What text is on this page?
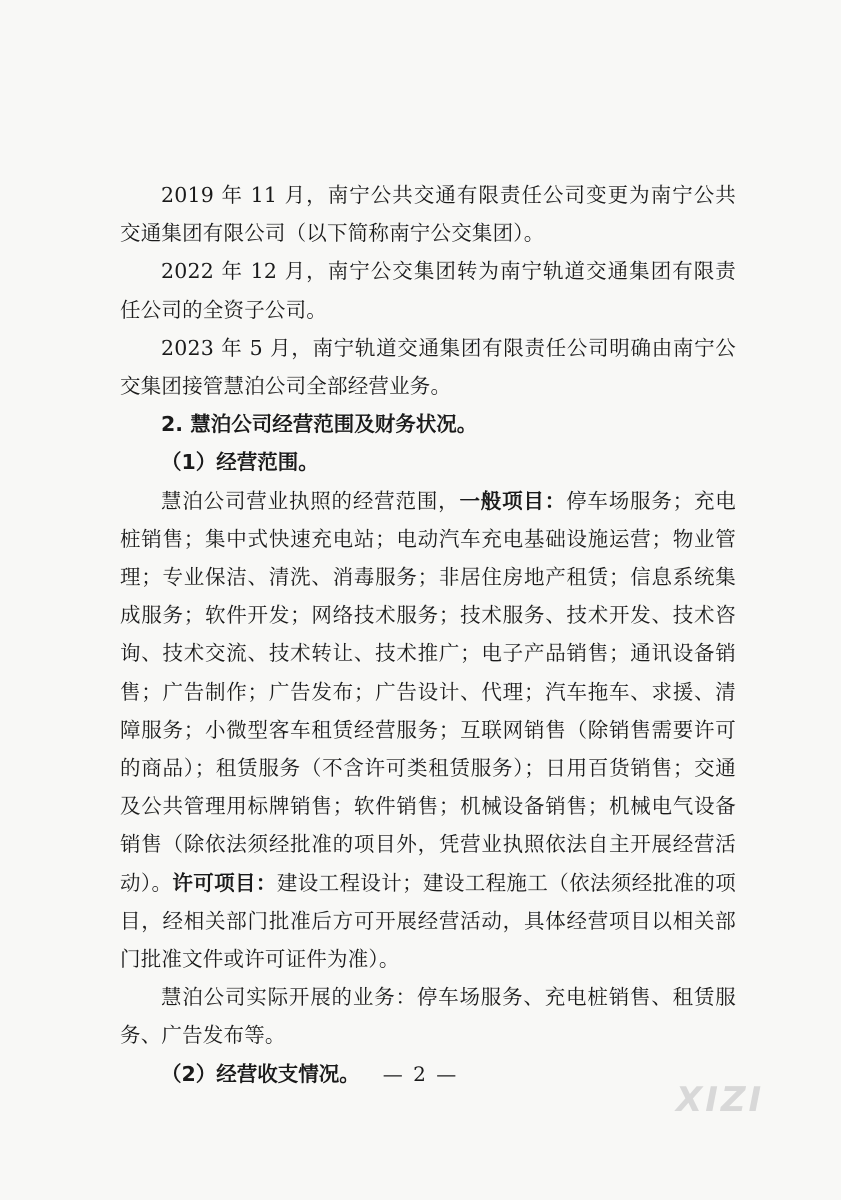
2019 年 11 月，南宁公共交通有限责任公司变更为南宁公共交通集团有限公司（以下简称南宁公交集团）。

2022 年 12 月，南宁公交集团转为南宁轨道交通集团有限责任公司的全资子公司。

2023 年 5 月，南宁轨道交通集团有限责任公司明确由南宁公交集团接管慧泊公司全部经营业务。

2. 慧泊公司经营范围及财务状况。

（1）经营范围。

慧泊公司营业执照的经营范围，一般项目：停车场服务；充电桩销售；集中式快速充电站；电动汽车充电基础设施运营；物业管理；专业保洁、清洗、消毒服务；非居住房地产租赁；信息系统集成服务；软件开发；网络技术服务；技术服务、技术开发、技术咨询、技术交流、技术转让、技术推广；电子产品销售；通讯设备销售；广告制作；广告发布；广告设计、代理；汽车拖车、求援、清障服务；小微型客车租赁经营服务；互联网销售（除销售需要许可的商品）；租赁服务（不含许可类租赁服务）；日用百货销售；交通及公共管理用标牌销售；软件销售；机械设备销售；机械电气设备销售（除依法须经批准的项目外，凭营业执照依法自主开展经营活动）。许可项目：建设工程设计；建设工程施工（依法须经批准的项目，经相关部门批准后方可开展经营活动，具体经营项目以相关部门批准文件或许可证件为准）。

慧泊公司实际开展的业务：停车场服务、充电桩销售、租赁服务、广告发布等。

（2）经营收支情况。	— 2 —
XIZI
